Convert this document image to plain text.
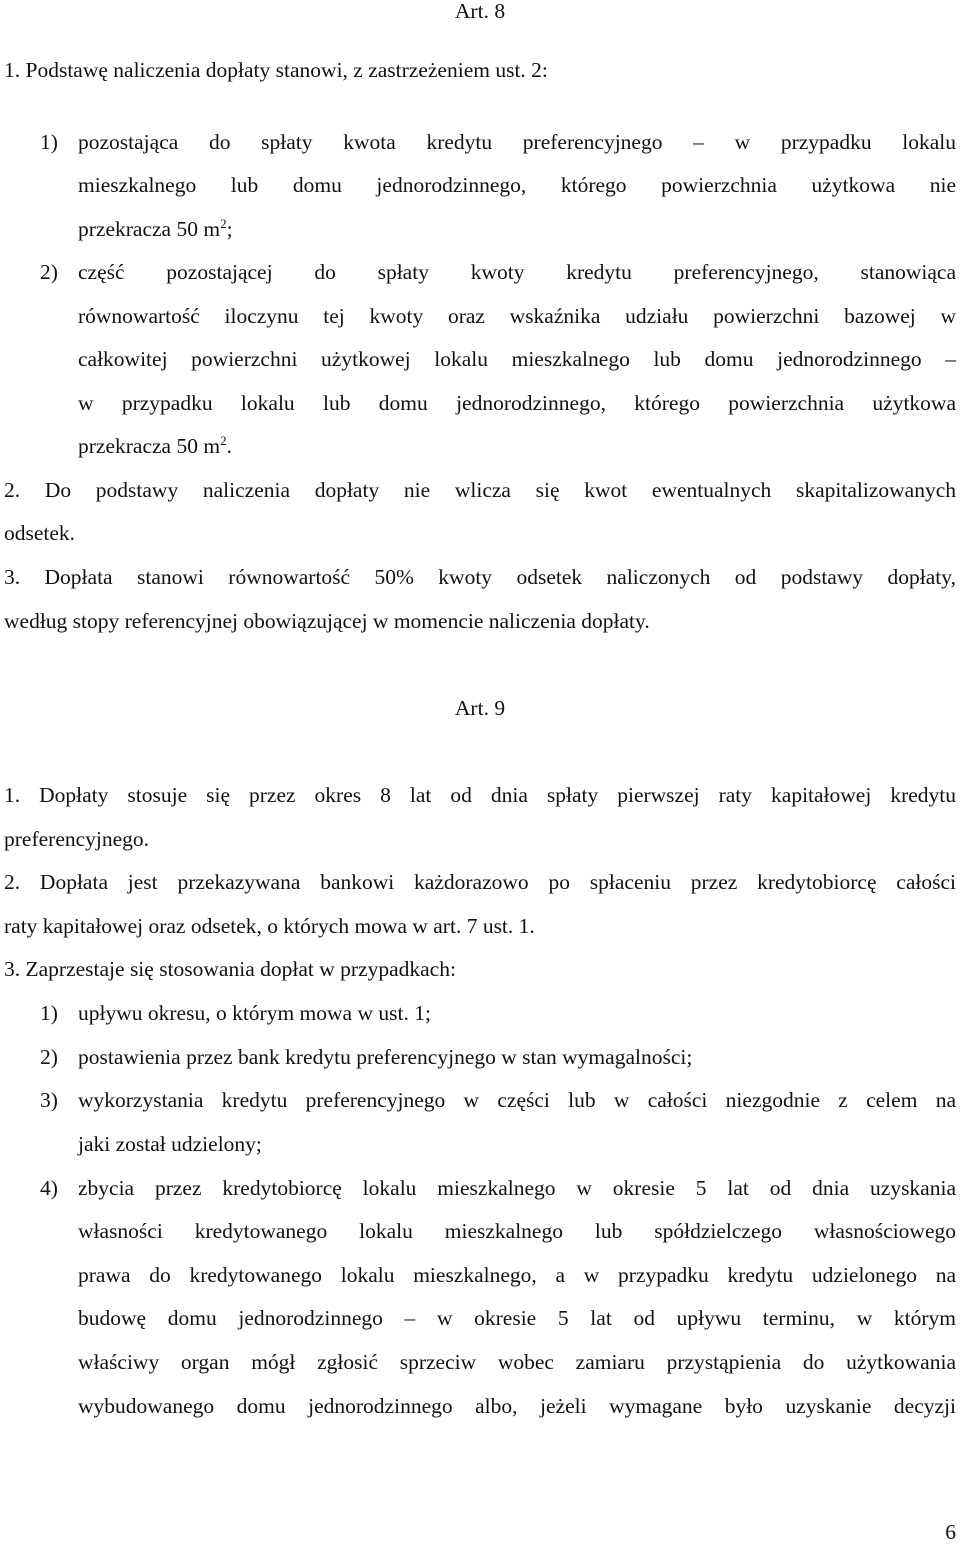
Art. 8
1. Podstawę naliczenia dopłaty stanowi, z zastrzeżeniem ust. 2:
1) pozostająca do spłaty kwota kredytu preferencyjnego – w przypadku lokalu
mieszkalnego lub domu jednorodzinnego, którego powierzchnia użytkowa nie
przekracza 50 $m^2$;
2) część pozostającej do spłaty kwoty kredytu preferencyjnego, stanowiąca
równowartość iloczynu tej kwoty oraz wskaźnika udziału powierzchni bazowej w
całkowitej powierzchni użytkowej lokalu mieszkalnego lub domu jednorodzinnego –
w przypadku lokalu lub domu jednorodzinnego, którego powierzchnia użytkowa
przekracza 50 $m^2$.
2. Do podstawy naliczenia dopłaty nie wlicza się kwot ewentualnych skapitalizowanych
odsetek.
3. Dopłata stanowi równowartość 50% kwoty odsetek naliczonych od podstawy dopłaty,
według stopy referencyjnej obowiązującej w momencie naliczenia dopłaty.
Art. 9
1. Dopłaty stosuje się przez okres 8 lat od dnia spłaty pierwszej raty kapitałowej kredytu
preferencyjnego.
2. Dopłata jest przekazywana bankowi każdorazowo po spłaceniu przez kredytobiorcę całości
raty kapitałowej oraz odsetek, o których mowa w art. 7 ust. 1.
3. Zaprzestaje się stosowania dopłat w przypadkach:
1) upływu okresu, o którym mowa w ust. 1;
2) postawienia przez bank kredytu preferencyjnego w stan wymagalności;
3) wykorzystania kredytu preferencyjnego w części lub w całości niezgodnie z celem na
jaki został udzielony;
4) zbycia przez kredytobiorcę lokalu mieszkalnego w okresie 5 lat od dnia uzyskania
własności kredytowanego lokalu mieszkalnego lub spółdzielczego własnościowego
prawa do kredytowanego lokalu mieszkalnego, a w przypadku kredytu udzielonego na
budowę domu jednorodzinnego – w okresie 5 lat od upływu terminu, w którym
właściwy organ mógł zgłosić sprzeciw wobec zamiaru przystąpienia do użytkowania
wybudowanego domu jednorodzinnego albo, jeżeli wymagane było uzyskanie decyzji
6
